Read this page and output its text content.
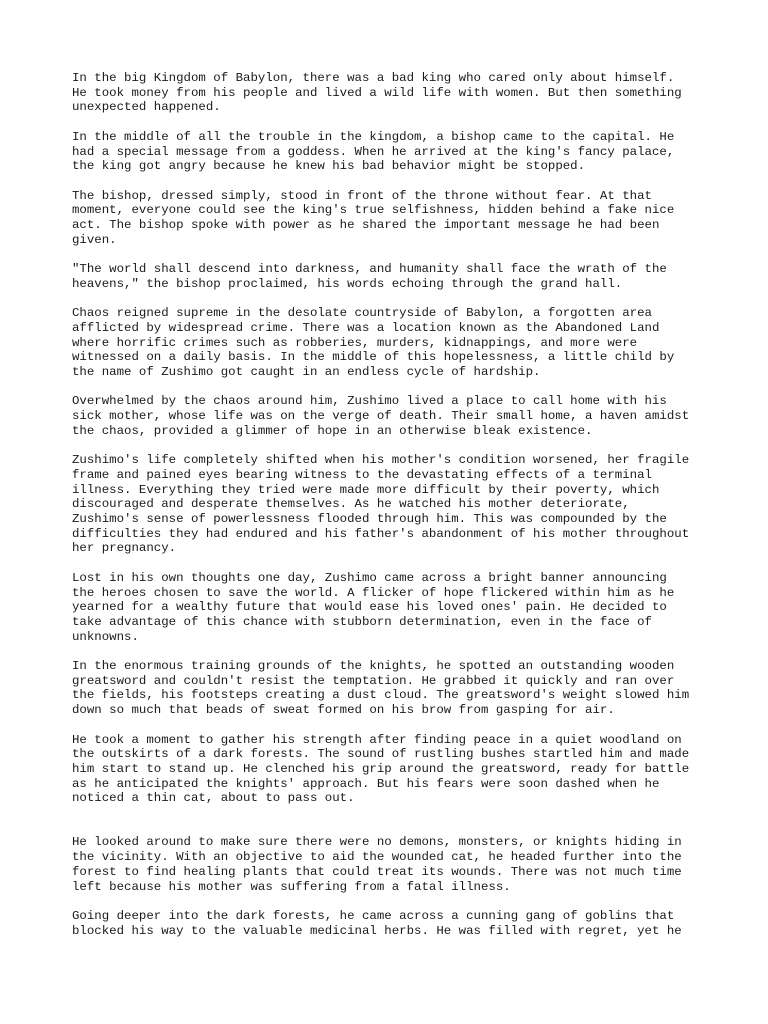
In the big Kingdom of Babylon, there was a bad king who cared only about himself.
He took money from his people and lived a wild life with women. But then something
unexpected happened.

In the middle of all the trouble in the kingdom, a bishop came to the capital. He
had a special message from a goddess. When he arrived at the king's fancy palace,
the king got angry because he knew his bad behavior might be stopped.

The bishop, dressed simply, stood in front of the throne without fear. At that
moment, everyone could see the king's true selfishness, hidden behind a fake nice
act. The bishop spoke with power as he shared the important message he had been
given.

"The world shall descend into darkness, and humanity shall face the wrath of the
heavens," the bishop proclaimed, his words echoing through the grand hall.

Chaos reigned supreme in the desolate countryside of Babylon, a forgotten area
afflicted by widespread crime. There was a location known as the Abandoned Land
where horrific crimes such as robberies, murders, kidnappings, and more were
witnessed on a daily basis. In the middle of this hopelessness, a little child by
the name of Zushimo got caught in an endless cycle of hardship.

Overwhelmed by the chaos around him, Zushimo lived a place to call home with his
sick mother, whose life was on the verge of death. Their small home, a haven amidst
the chaos, provided a glimmer of hope in an otherwise bleak existence.

Zushimo's life completely shifted when his mother's condition worsened, her fragile
frame and pained eyes bearing witness to the devastating effects of a terminal
illness. Everything they tried were made more difficult by their poverty, which
discouraged and desperate themselves. As he watched his mother deteriorate,
Zushimo's sense of powerlessness flooded through him. This was compounded by the
difficulties they had endured and his father's abandonment of his mother throughout
her pregnancy.

Lost in his own thoughts one day, Zushimo came across a bright banner announcing
the heroes chosen to save the world. A flicker of hope flickered within him as he
yearned for a wealthy future that would ease his loved ones' pain. He decided to
take advantage of this chance with stubborn determination, even in the face of
unknowns.

In the enormous training grounds of the knights, he spotted an outstanding wooden
greatsword and couldn't resist the temptation. He grabbed it quickly and ran over
the fields, his footsteps creating a dust cloud. The greatsword's weight slowed him
down so much that beads of sweat formed on his brow from gasping for air.

He took a moment to gather his strength after finding peace in a quiet woodland on
the outskirts of a dark forests. The sound of rustling bushes startled him and made
him start to stand up. He clenched his grip around the greatsword, ready for battle
as he anticipated the knights' approach. But his fears were soon dashed when he
noticed a thin cat, about to pass out.

He looked around to make sure there were no demons, monsters, or knights hiding in
the vicinity. With an objective to aid the wounded cat, he headed further into the
forest to find healing plants that could treat its wounds. There was not much time
left because his mother was suffering from a fatal illness.

Going deeper into the dark forests, he came across a cunning gang of goblins that
blocked his way to the valuable medicinal herbs. He was filled with regret, yet he
